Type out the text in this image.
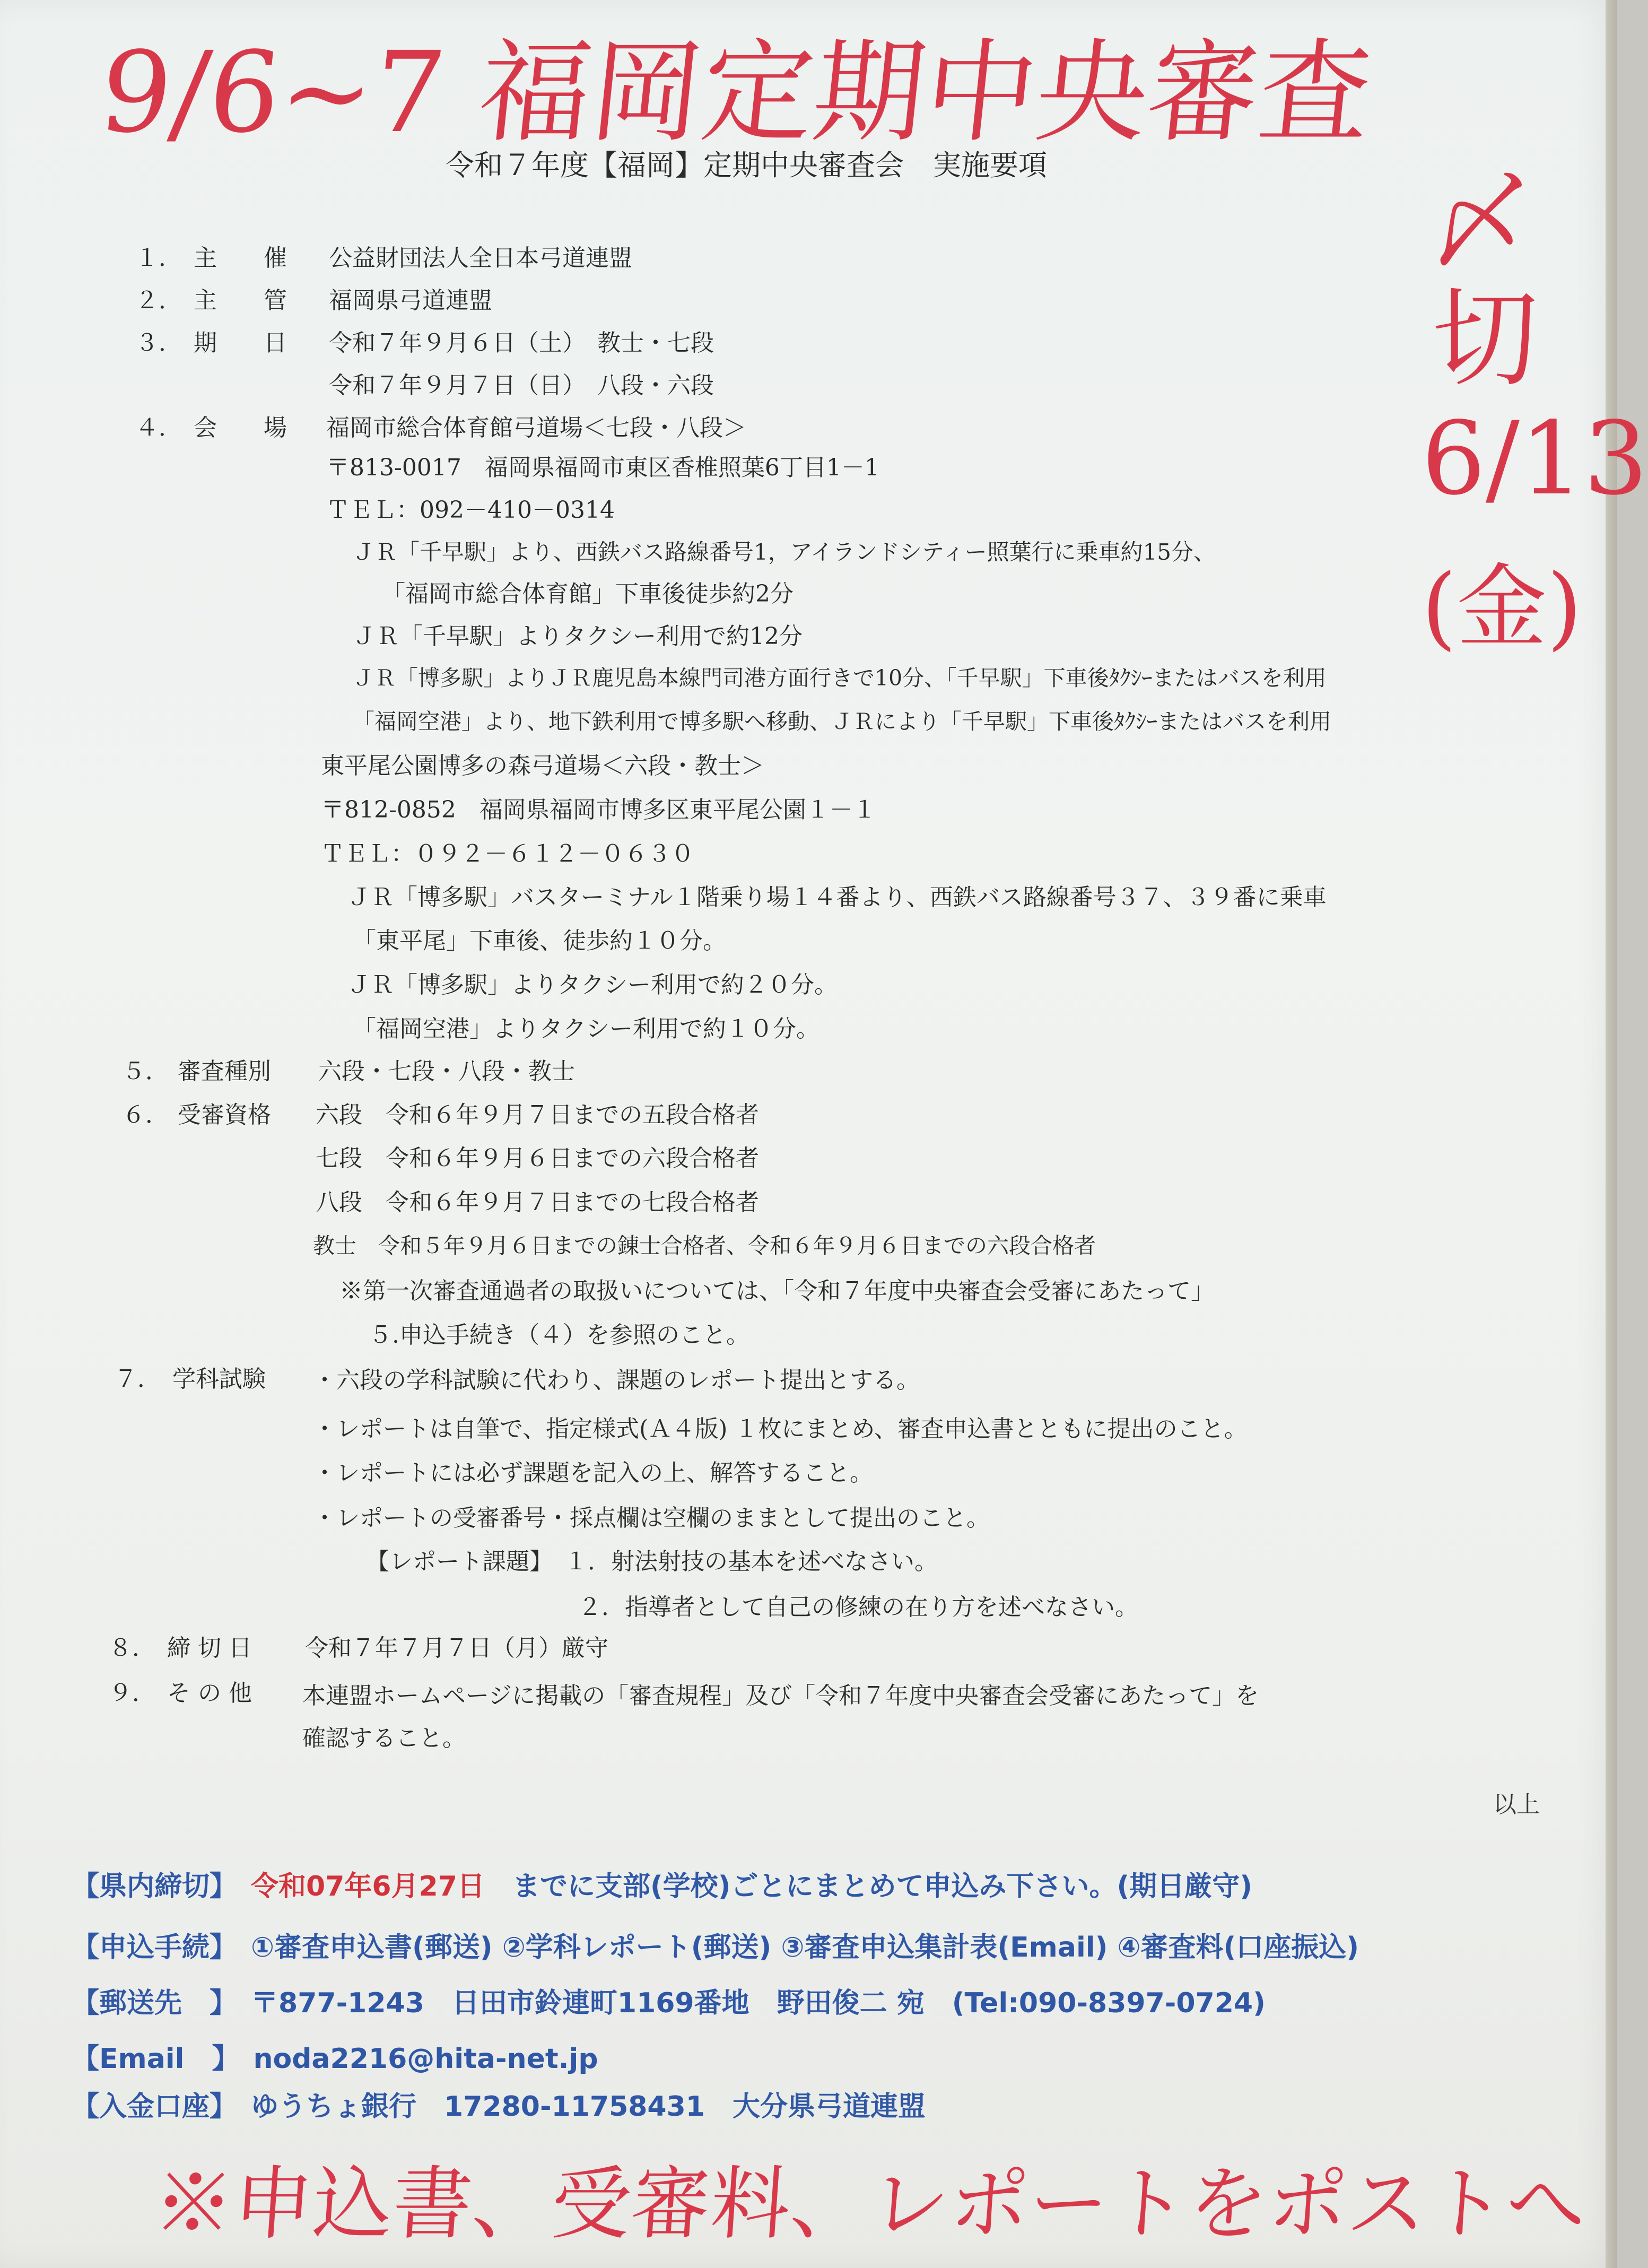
9/6~7 福岡定期中央審査
〆
切
6/13
(金)
令和７年度【福岡】定期中央審査会　実施要項
１． 主　　催 公益財団法人全日本弓道連盟
２． 主　　管 福岡県弓道連盟
３． 期　　日 令和７年９月６日（土）　教士・七段
令和７年９月７日（日）　八段・六段
４． 会　　場 福岡市総合体育館弓道場＜七段・八段＞
〒813-0017　福岡県福岡市東区香椎照葉6丁目1－1
ＴＥＬ：092－410－0314
ＪＲ「千早駅」より、西鉄バス路線番号1，アイランドシティー照葉行に乗車約15分、
「福岡市総合体育館」下車後徒歩約2分
ＪＲ「千早駅」よりタクシー利用で約12分
ＪＲ「博多駅」よりＪＲ鹿児島本線門司港方面行きで10分、「千早駅」下車後ﾀｸｼｰまたはバスを利用
「福岡空港」より、地下鉄利用で博多駅へ移動、ＪＲにより「千早駅」下車後ﾀｸｼｰまたはバスを利用
東平尾公園博多の森弓道場＜六段・教士＞
〒812-0852　福岡県福岡市博多区東平尾公園１－１
ＴＥＬ：０９２－６１２－０６３０
ＪＲ「博多駅」バスターミナル１階乗り場１４番より、西鉄バス路線番号３７、３９番に乗車
「東平尾」下車後、徒歩約１０分。
ＪＲ「博多駅」よりタクシー利用で約２０分。
「福岡空港」よりタクシー利用で約１０分。
５． 審査種別 六段・七段・八段・教士
６． 受審資格 六段　令和６年９月７日までの五段合格者
七段　令和６年９月６日までの六段合格者
八段　令和６年９月７日までの七段合格者
教士　令和５年９月６日までの錬士合格者、令和６年９月６日までの六段合格者
※第一次審査通過者の取扱いについては、「令和７年度中央審査会受審にあたって」
５.申込手続き（４）を参照のこと。
７． 学科試験 ・六段の学科試験に代わり、課題のレポート提出とする。
・レポートは自筆で、指定様式(Ａ４版) １枚にまとめ、審査申込書とともに提出のこと。
・レポートには必ず課題を記入の上、解答すること。
・レポートの受審番号・採点欄は空欄のままとして提出のこと。
【レポート課題】　１．射法射技の基本を述べなさい。
２．指導者として自己の修練の在り方を述べなさい。
８． 締 切 日 令和７年７月７日（月）厳守
９． そ の 他 本連盟ホームページに掲載の「審査規程」及び「令和７年度中央審査会受審にあたって」を
確認すること。
以上
【県内締切】　 令和07年6月27日　 までに支部(学校)ごとにまとめて申込み下さい。(期日厳守)
【申込手続】　 ①審査申込書(郵送) ②学科レポート(郵送) ③審査申込集計表(Email) ④審査料(口座振込)
【郵送先　】　 〒877-1243　日田市鈴連町1169番地　野田俊二 宛　(Tel:090-8397-0724)
【Email　】　 noda2216@hita-net.jp
【入金口座】　 ゆうちょ銀行　17280-11758431　大分県弓道連盟
※申込書、受審料、レポートをポストへ
